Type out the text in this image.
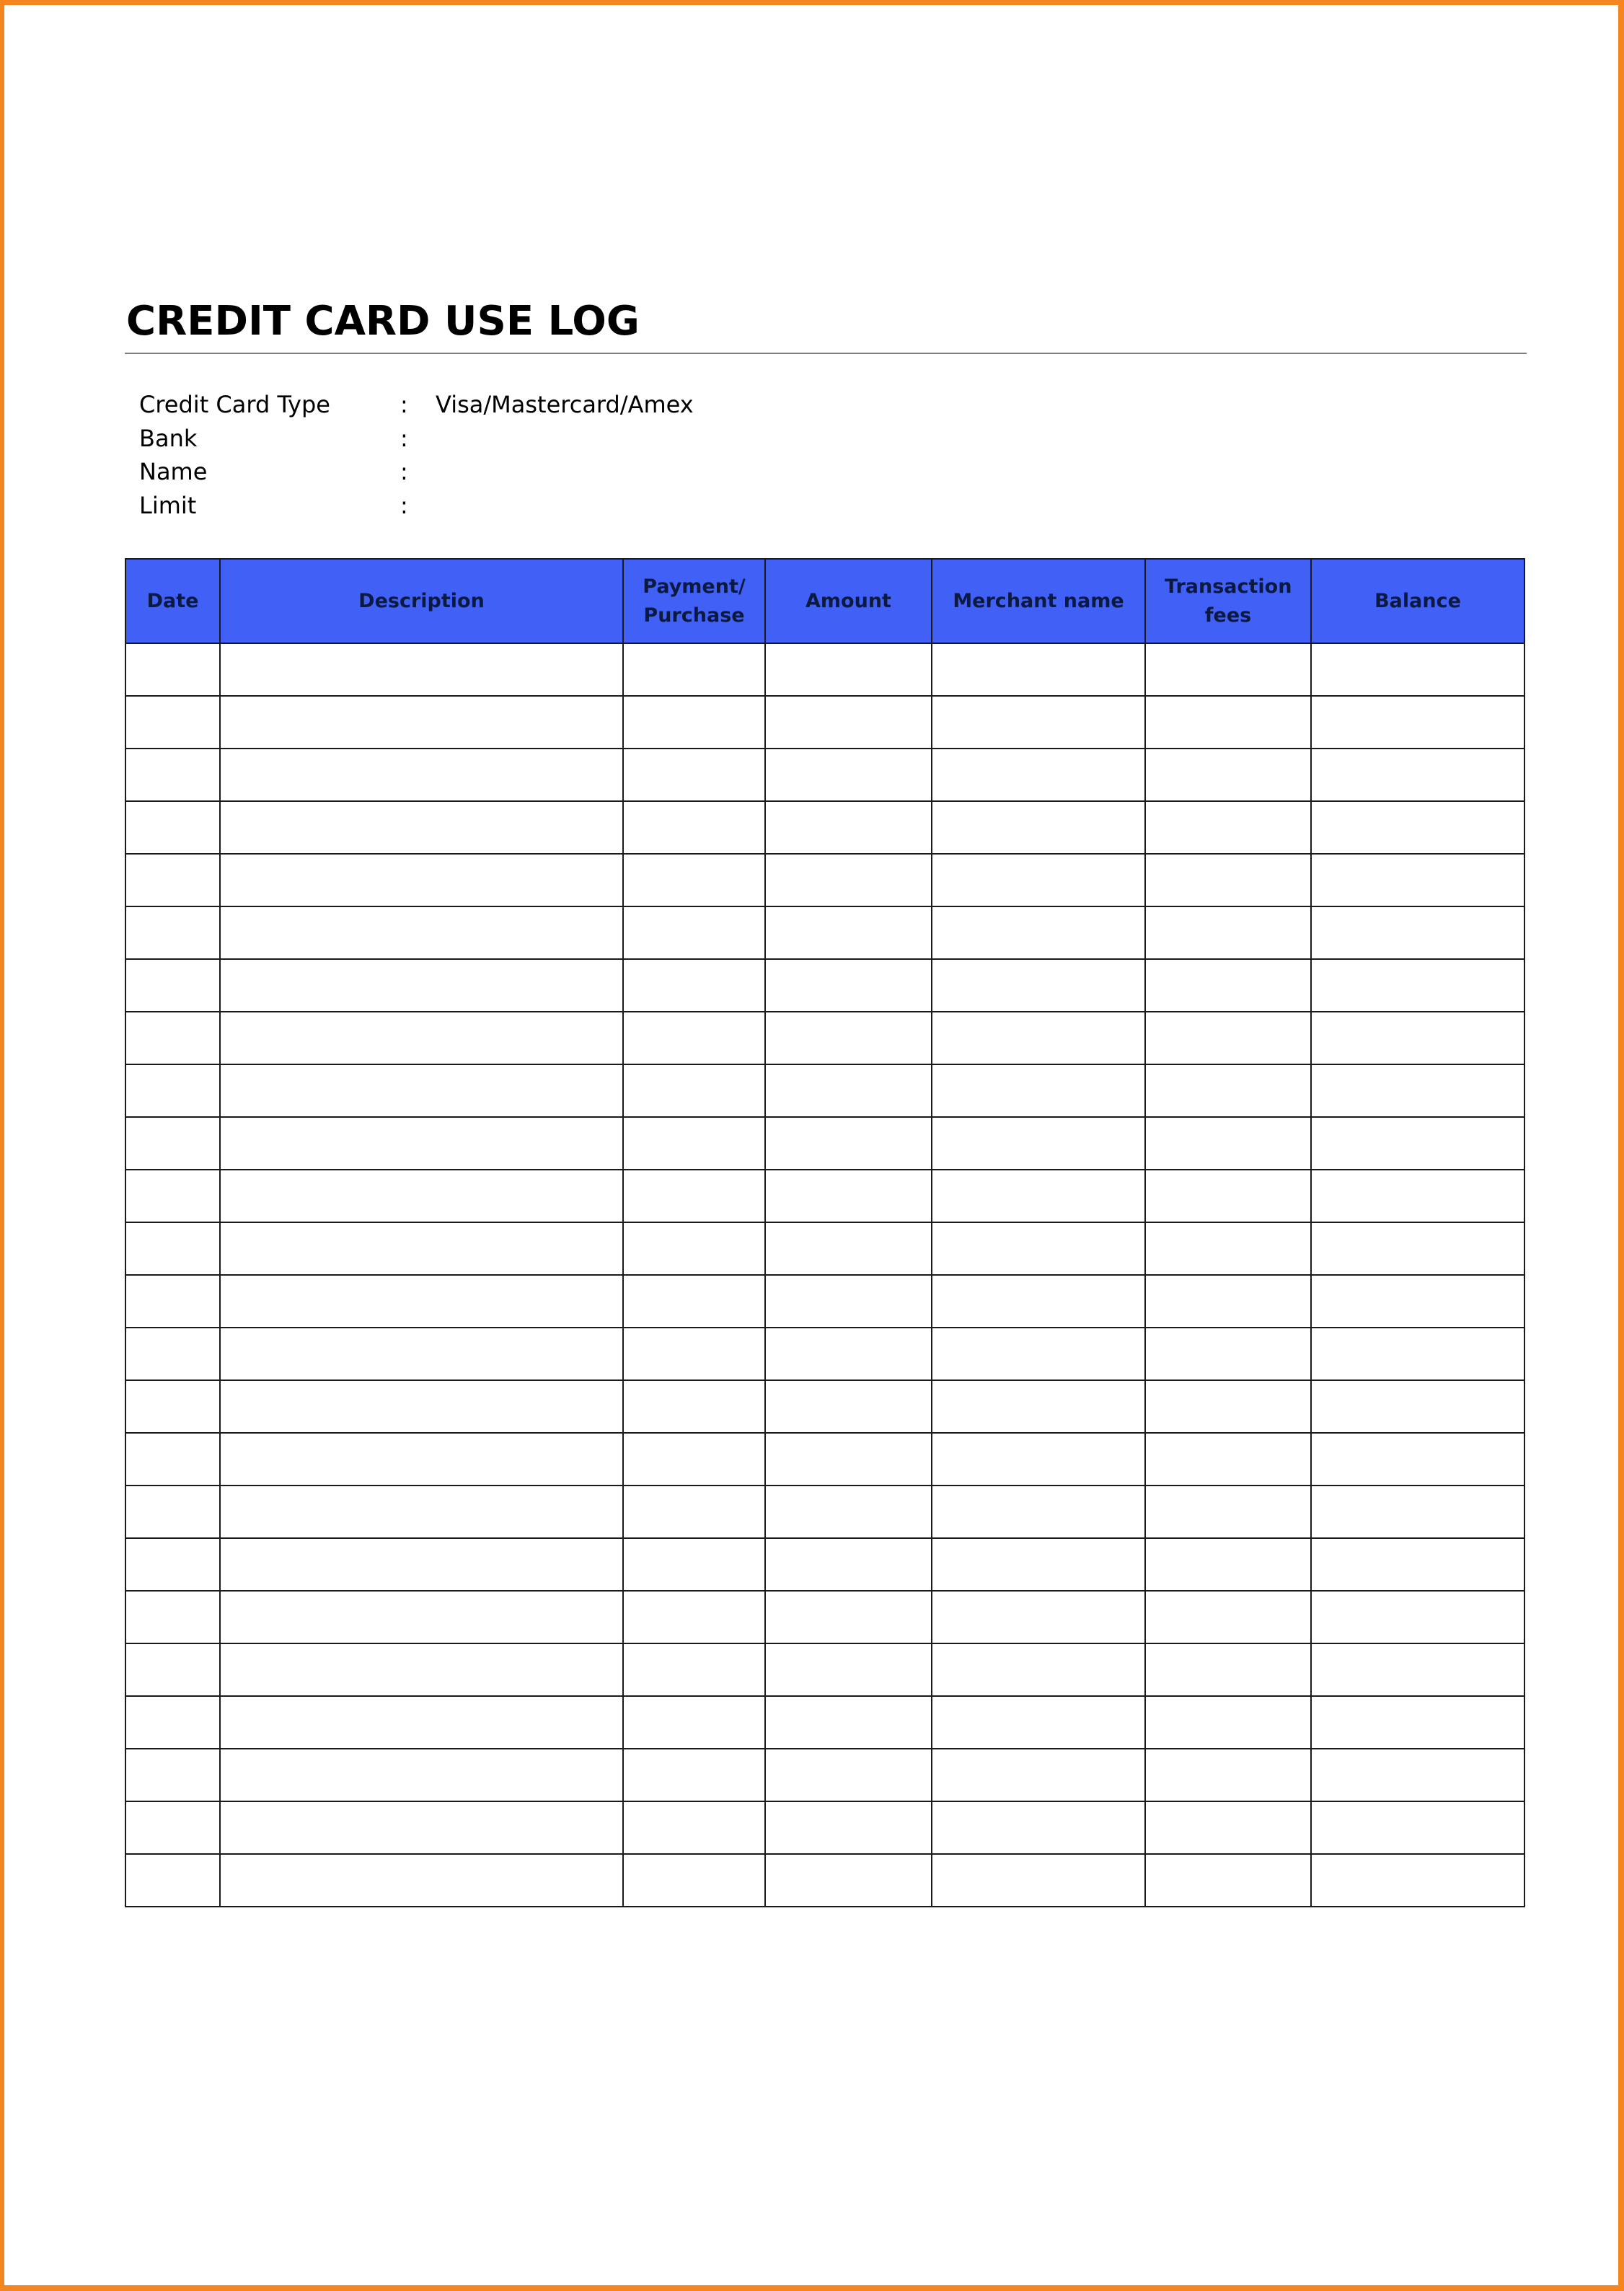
CREDIT CARD USE LOG
Credit Card Type	: Visa/Mastercard/Amex
Bank	:
Name	:
Limit	:
Date	Description	Payment/ Purchase	Amount	Merchant name	Transaction fees	Balance
